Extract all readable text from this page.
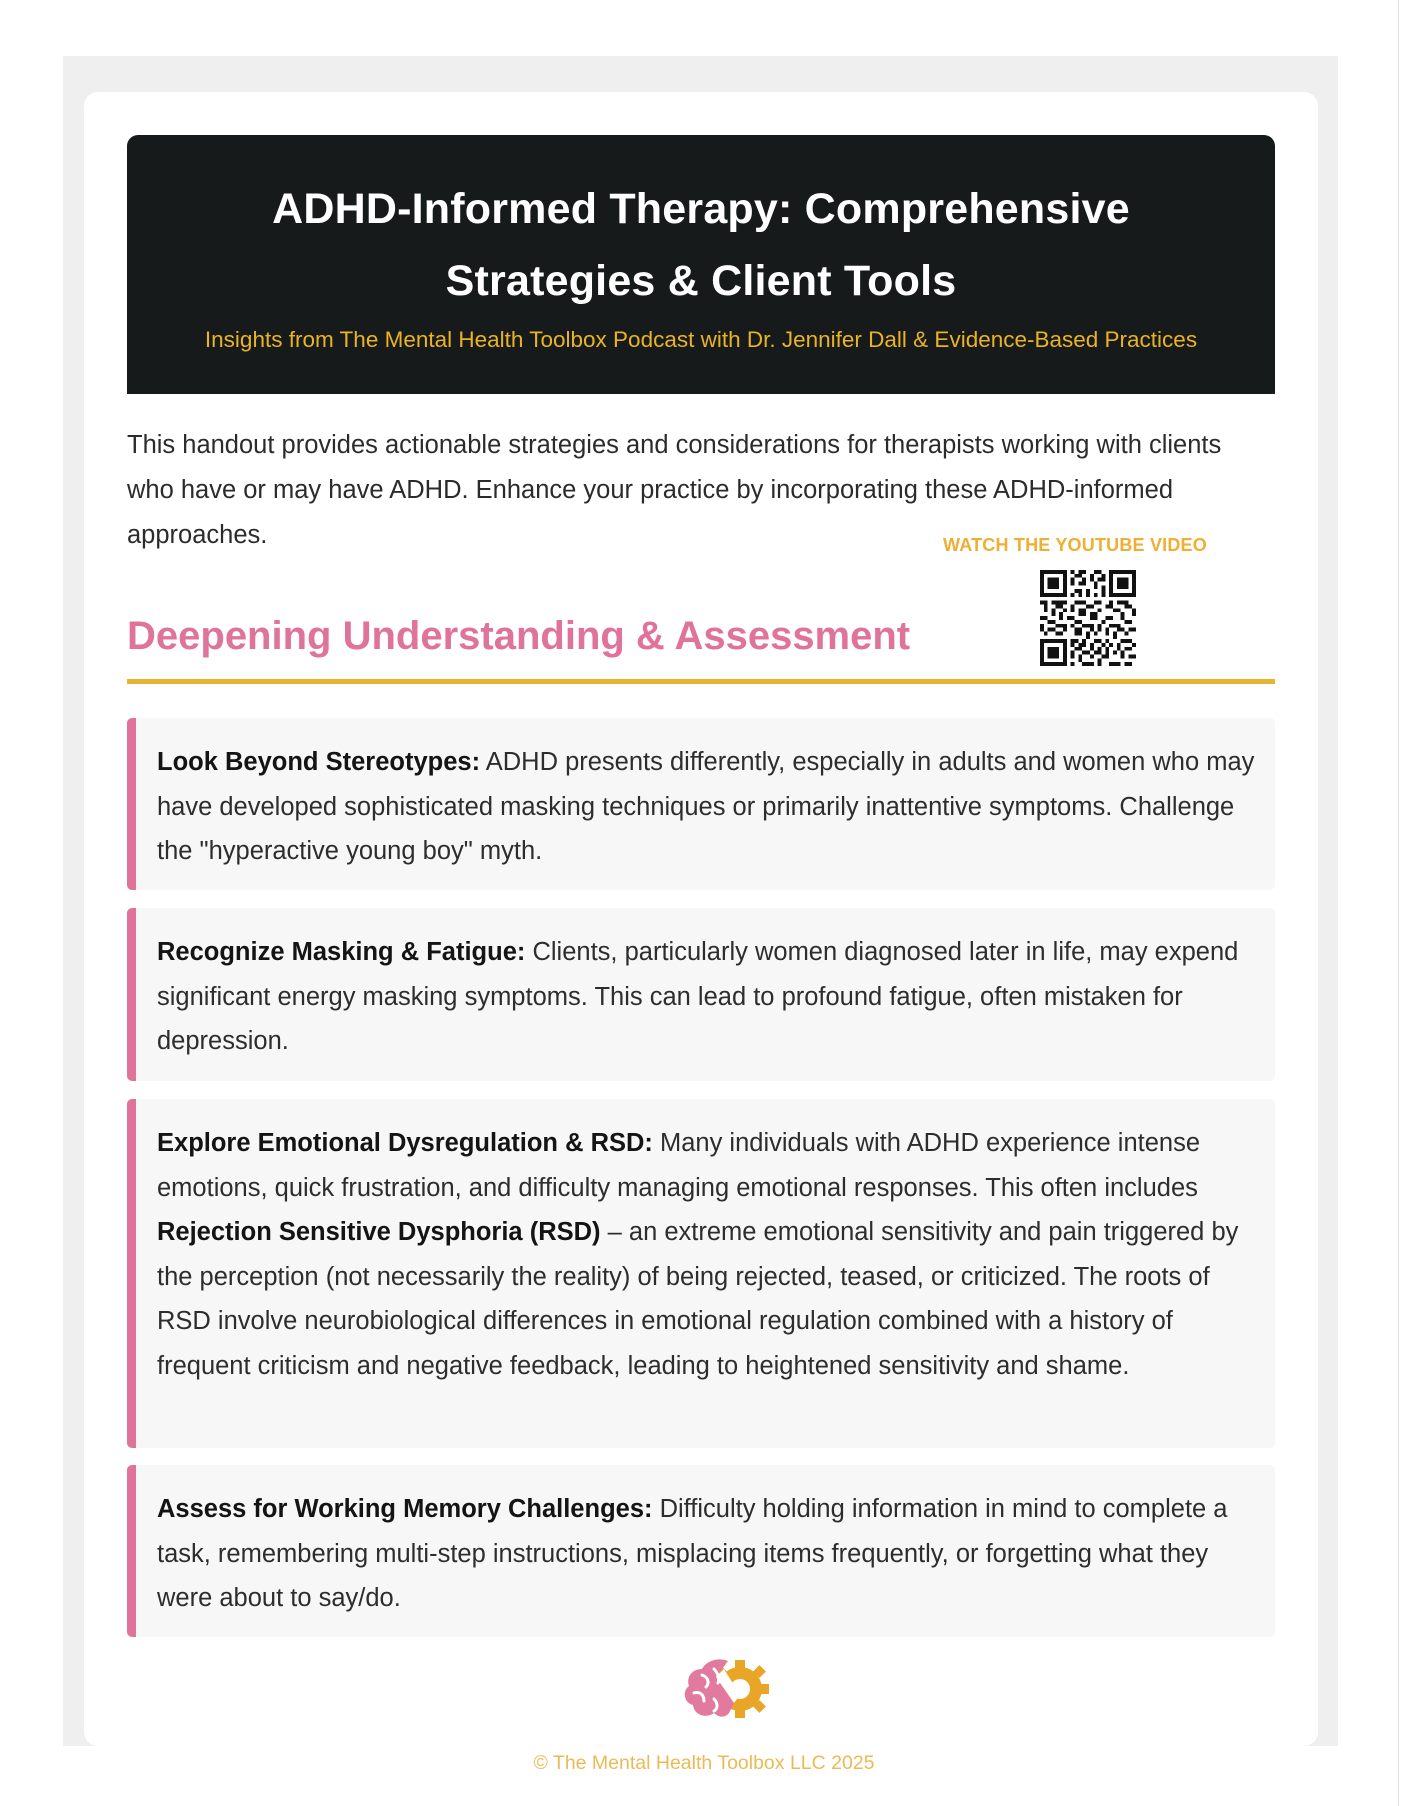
ADHD-Informed Therapy: Comprehensive
Strategies & Client Tools
Insights from The Mental Health Toolbox Podcast with Dr. Jennifer Dall & Evidence-Based Practices

This handout provides actionable strategies and considerations for therapists working with clients who have or may have ADHD. Enhance your practice by incorporating these ADHD-informed approaches.	WATCH THE YOUTUBE VIDEO
Deepening Understanding & Assessment
Look Beyond Stereotypes: ADHD presents differently, especially in adults and women who may have developed sophisticated masking techniques or primarily inattentive symptoms. Challenge the "hyperactive young boy" myth.
Recognize Masking & Fatigue: Clients, particularly women diagnosed later in life, may expend significant energy masking symptoms. This can lead to profound fatigue, often mistaken for depression.
Explore Emotional Dysregulation & RSD: Many individuals with ADHD experience intense emotions, quick frustration, and difficulty managing emotional responses. This often includes Rejection Sensitive Dysphoria (RSD) – an extreme emotional sensitivity and pain triggered by the perception (not necessarily the reality) of being rejected, teased, or criticized. The roots of RSD involve neurobiological differences in emotional regulation combined with a history of frequent criticism and negative feedback, leading to heightened sensitivity and shame.
Assess for Working Memory Challenges: Difficulty holding information in mind to complete a task, remembering multi-step instructions, misplacing items frequently, or forgetting what they were about to say/do.
© The Mental Health Toolbox LLC 2025
